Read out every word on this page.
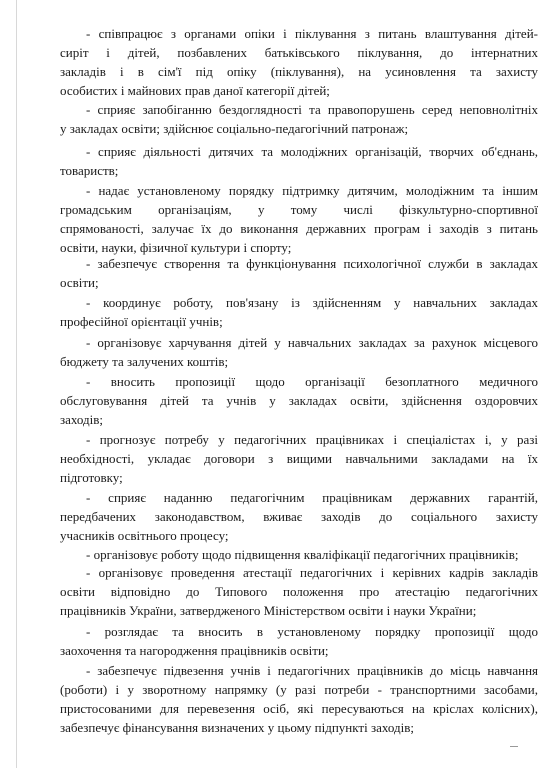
- співпрацює з органами опіки і піклування з питань влаштування дітей-
сиріт і дітей, позбавлених батьківського піклування, до інтернатних
закладів і в сім'ї під опіку (піклування), на усиновлення та захисту
особистих і майнових прав даної категорії дітей;
- сприяє запобіганню бездоглядності та правопорушень серед неповнолітніх
у закладах освіти; здійснює соціально-педагогічний патронаж;
- сприяє діяльності дитячих та молодіжних організацій, творчих об'єднань,
товариств;
- надає установленому порядку підтримку дитячим, молодіжним та іншим
громадським організаціям, у тому числі фізкультурно-спортивної
спрямованості, залучає їх до виконання державних програм і заходів з питань
освіти, науки, фізичної культури і спорту;
- забезпечує створення та функціонування психологічної служби в закладах
освіти;
- координує роботу, пов'язану із здійсненням у навчальних закладах
професійної орієнтації учнів;
- організовує харчування дітей у навчальних закладах за рахунок місцевого
бюджету та залучених коштів;
- вносить пропозиції щодо організації безоплатного медичного
обслуговування дітей та учнів у закладах освіти, здійснення оздоровчих
заходів;
- прогнозує потребу у педагогічних працівниках і спеціалістах і, у разі
необхідності, укладає договори з вищими навчальними закладами на їх
підготовку;
- сприяє наданню педагогічним працівникам державних гарантій,
передбачених законодавством, вживає заходів до соціального захисту
учасників освітнього процесу;
- організовує роботу щодо підвищення кваліфікації педагогічних працівників;
- організовує проведення атестації педагогічних і керівних кадрів закладів
освіти відповідно до Типового положення про атестацію педагогічних
працівників України, затвердженого Міністерством освіти і науки України;
- розглядає та вносить в установленому порядку пропозиції щодо
заохочення та нагородження працівників освіти;
- забезпечує підвезення учнів і педагогічних працівників до місць навчання
(роботи) і у зворотному напрямку (у разі потреби - транспортними засобами,
пристосованими для перевезення осіб, які пересуваються на кріслах колісних),
забезпечує фінансування визначених у цьому підпункті заходів;
